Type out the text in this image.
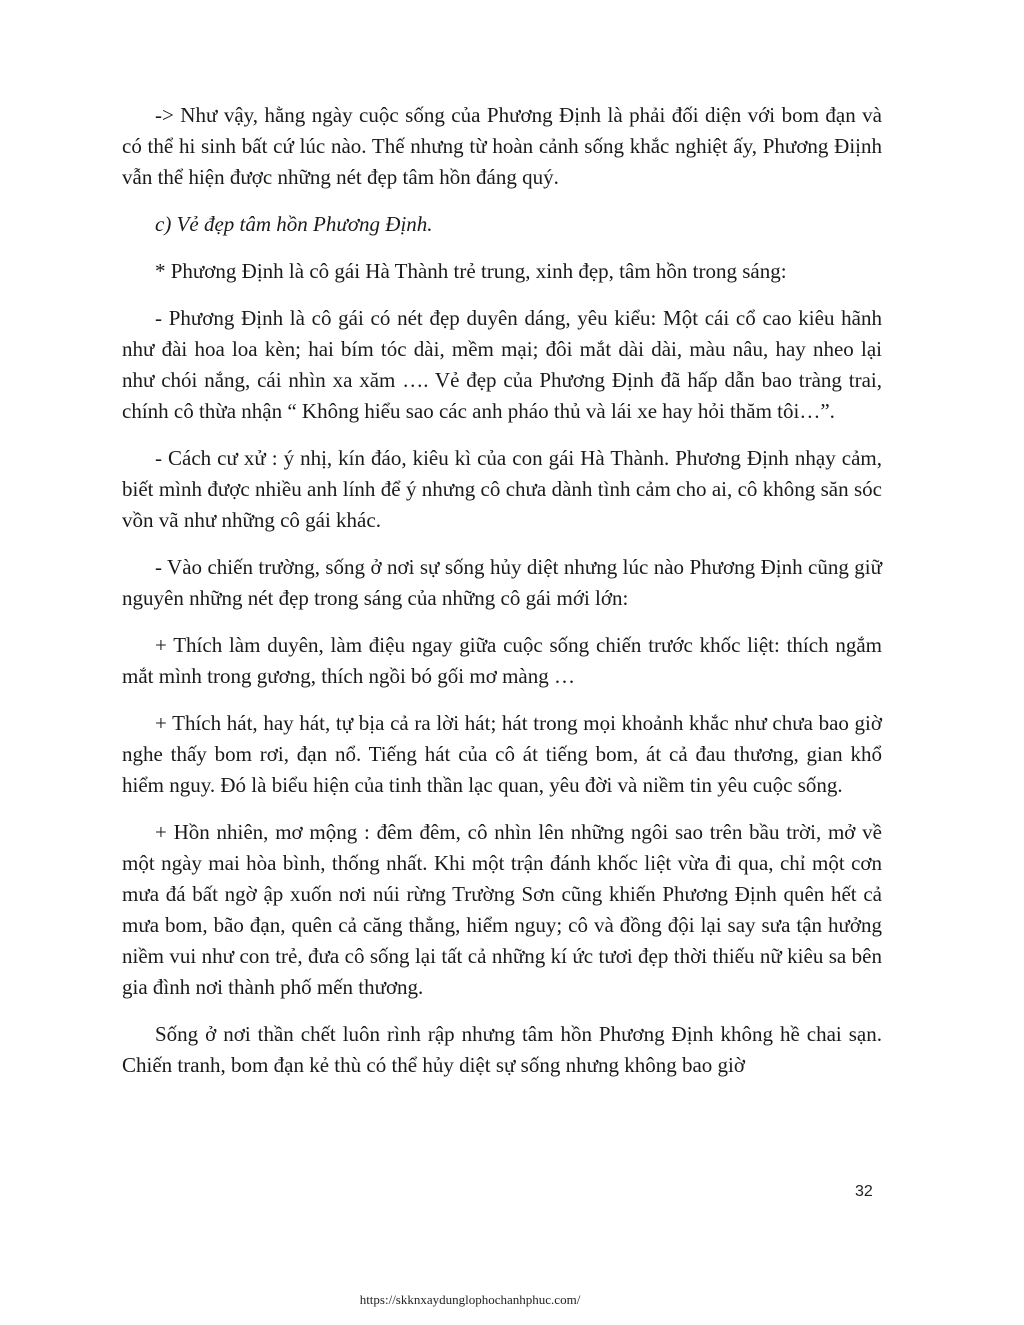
-> Như vậy, hằng ngày cuộc sống của Phương Định là phải đối diện với bom đạn và có thể hi sinh bất cứ lúc nào. Thế nhưng từ hoàn cảnh sống khắc nghiệt ấy, Phương Điịnh vẫn thể hiện được những nét đẹp tâm hồn đáng quý.

c) Vẻ đẹp tâm hồn Phương Định.

* Phương Định là cô gái Hà Thành trẻ trung, xinh đẹp, tâm hồn trong sáng:

- Phương Định là cô gái có nét đẹp duyên dáng, yêu kiểu: Một cái cổ cao kiêu hãnh như đài hoa loa kèn; hai bím tóc dài, mềm mại; đôi mắt dài dài, màu nâu, hay nheo lại như chói nắng, cái nhìn xa xăm …. Vẻ đẹp của Phương Định đã hấp dẫn bao tràng trai, chính cô thừa nhận “ Không hiểu sao các anh pháo thủ và lái xe hay hỏi thăm tôi…”.

- Cách cư xử : ý nhị, kín đáo, kiêu kì của con gái Hà Thành. Phương Định nhạy cảm, biết mình được nhiều anh lính để ý nhưng cô chưa dành tình cảm cho ai, cô không săn sóc vồn vã như những cô gái khác.

- Vào chiến trường, sống ở nơi sự sống hủy diệt nhưng lúc nào Phương Định cũng giữ nguyên những nét đẹp trong sáng của những cô gái mới lớn:

+ Thích làm duyên, làm điệu ngay giữa cuộc sống chiến trước khốc liệt: thích ngắm mắt mình trong gương, thích ngồi bó gối mơ màng …

+ Thích hát, hay hát, tự bịa cả ra lời hát; hát trong mọi khoảnh khắc như chưa bao giờ nghe thấy bom rơi, đạn nổ. Tiếng hát của cô át tiếng bom, át cả đau thương, gian khổ hiểm nguy. Đó là biểu hiện của tinh thần lạc quan, yêu đời và niềm tin yêu cuộc sống.

+ Hồn nhiên, mơ mộng : đêm đêm, cô nhìn lên những ngôi sao trên bầu trời, mở về một ngày mai hòa bình, thống nhất. Khi một trận đánh khốc liệt vừa đi qua, chỉ một cơn mưa đá bất ngờ ập xuốn nơi núi rừng Trường Sơn cũng khiến Phương Định quên hết cả mưa bom, bão đạn, quên cả căng thẳng, hiểm nguy; cô và đồng đội lại say sưa tận hưởng niềm vui như con trẻ, đưa cô sống lại tất cả những kí ức tươi đẹp thời thiếu nữ kiêu sa bên gia đình nơi thành phố mến thương.

Sống ở nơi thần chết luôn rình rập nhưng tâm hồn Phương Định không hề chai sạn. Chiến tranh, bom đạn kẻ thù có thể hủy diệt sự sống nhưng không bao giờ

32
https://skknxaydunglophochanhphuc.com/
